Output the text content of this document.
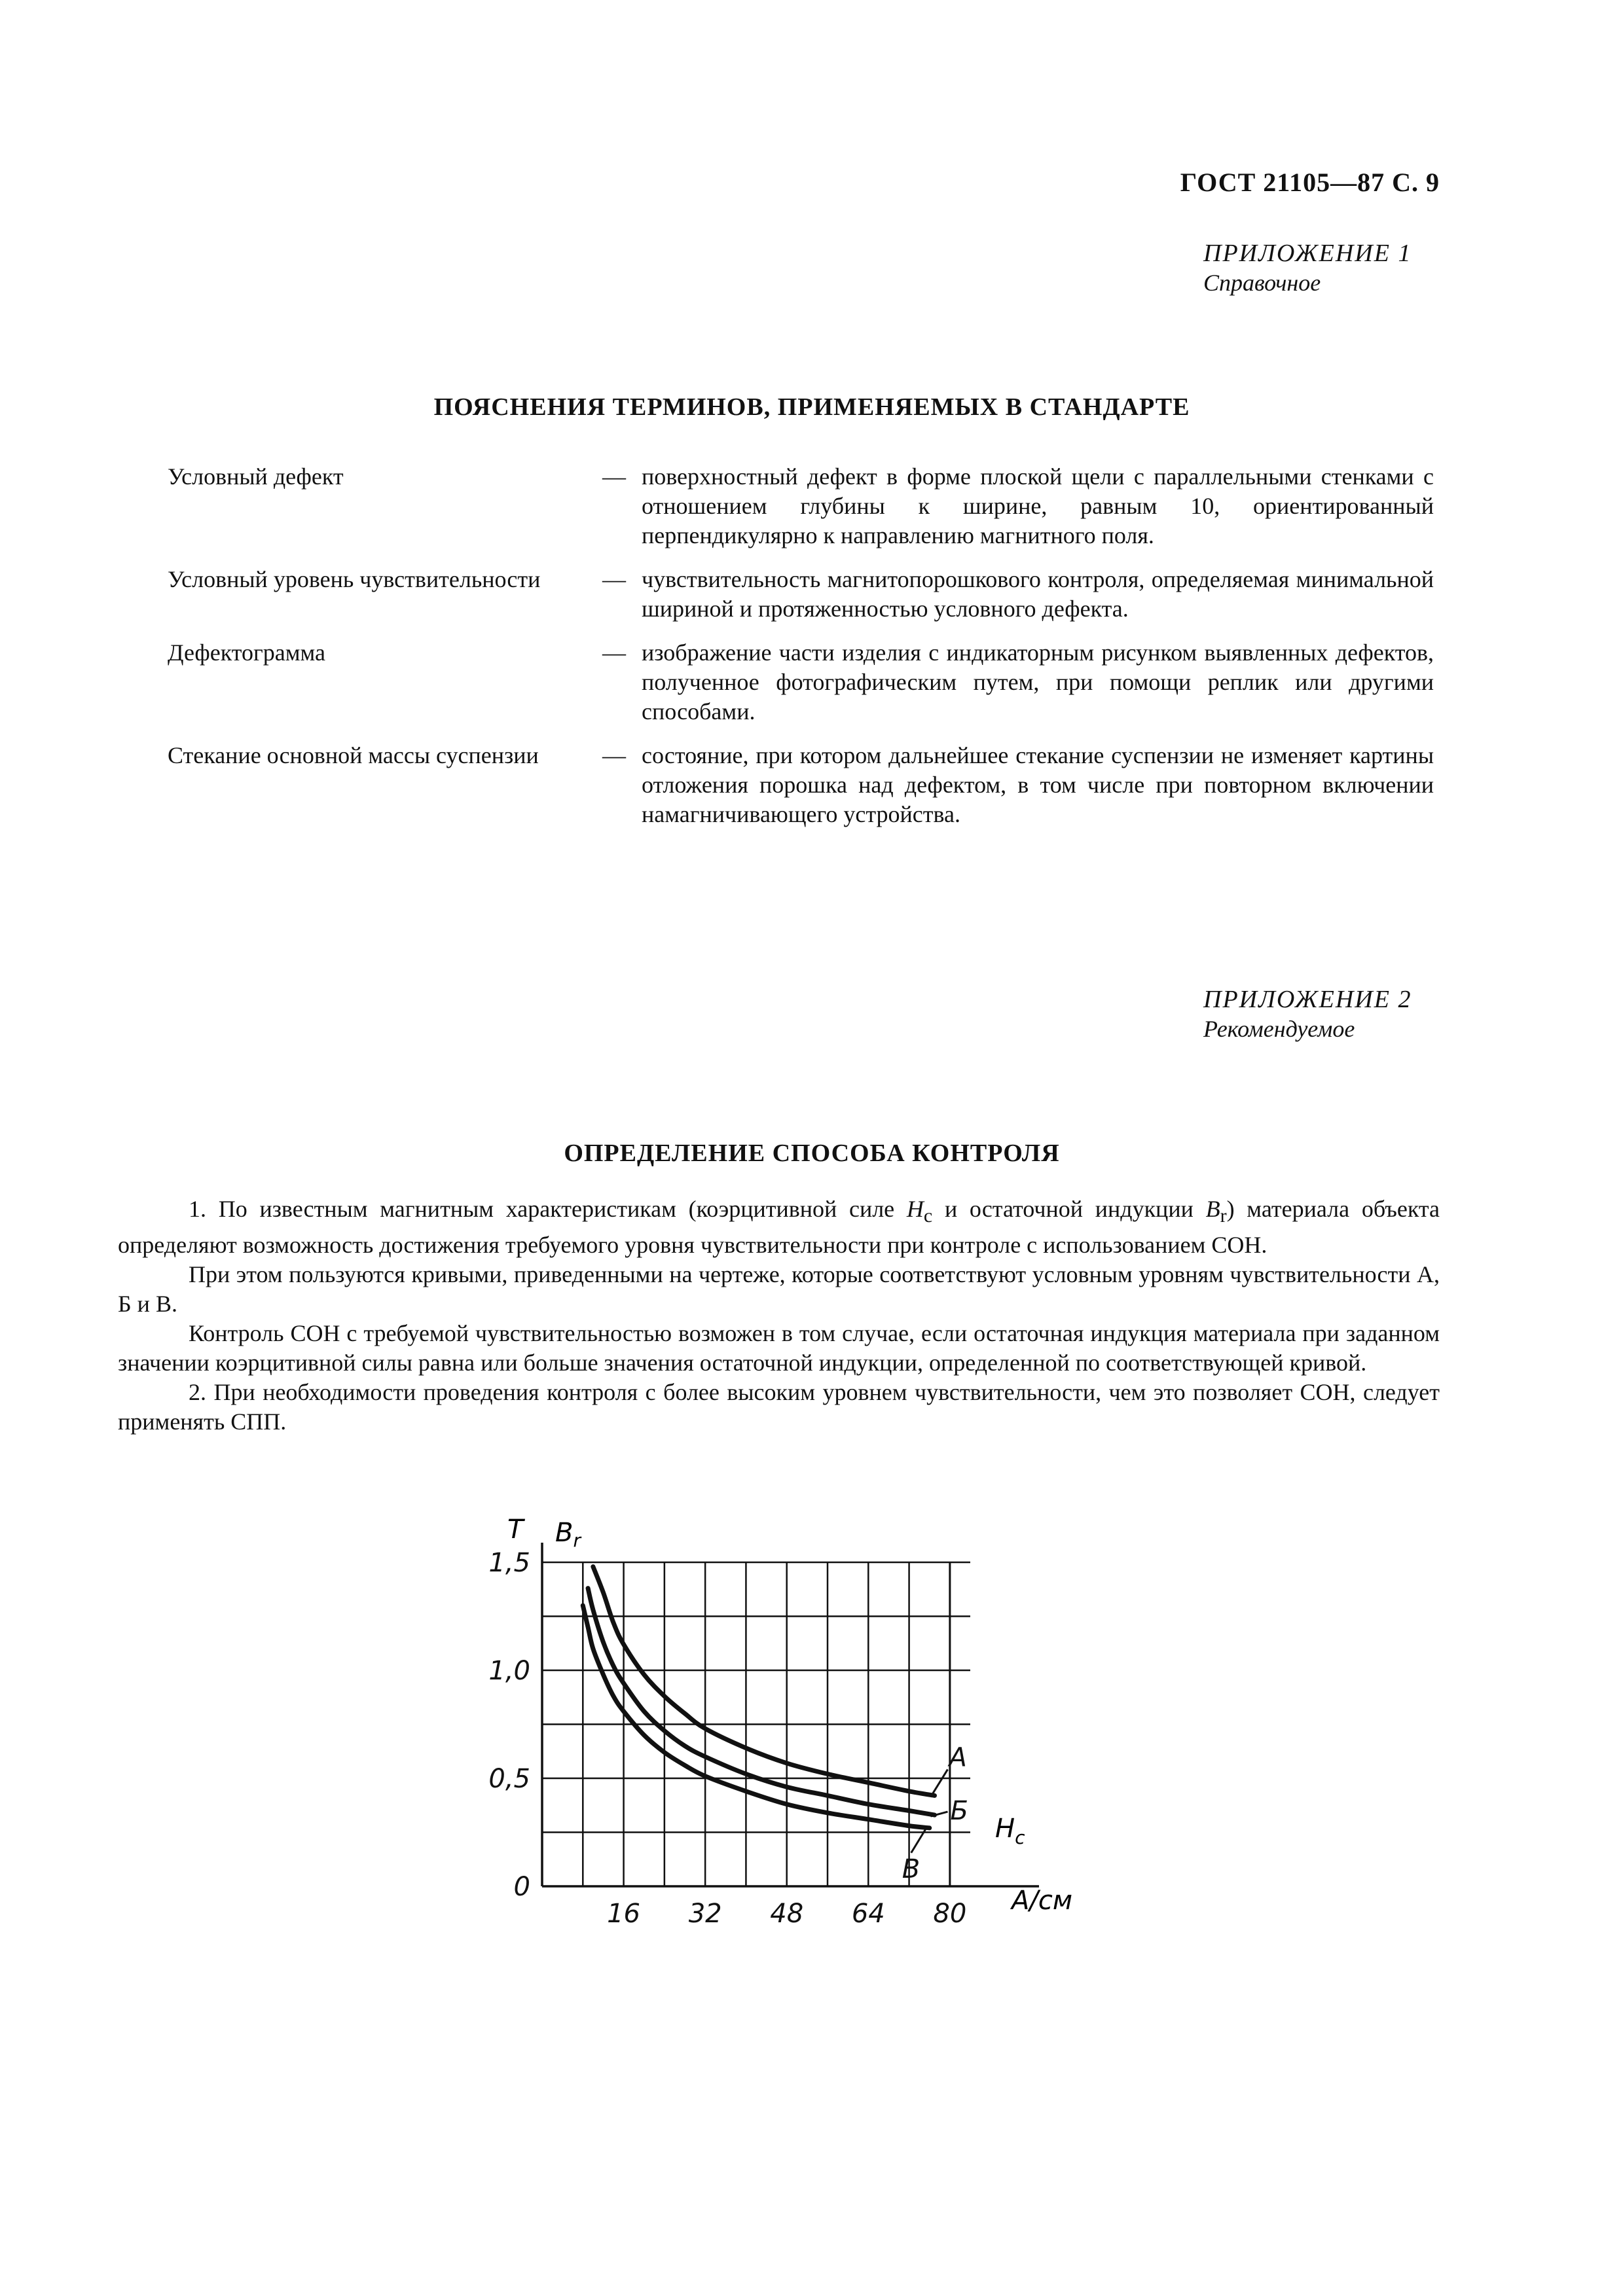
ГОСТ 21105—87 С. 9
ПРИЛОЖЕНИЕ 1
Справочное
ПОЯСНЕНИЯ ТЕРМИНОВ, ПРИМЕНЯЕМЫХ В СТАНДАРТЕ
Условный дефект	— поверхностный дефект в форме плоской щели с параллельными стенками с отношением глубины к ширине, равным 10, ориентированный перпендикулярно к направлению магнитного поля.
Условный уровень чувствительности	— чувствительность магнитопорошкового контроля, определяемая минимальной шириной и протяженностью условного дефекта.
Дефектограмма	— изображение части изделия с индикаторным рисунком выявленных дефектов, полученное фотографическим путем, при помощи реплик или другими способами.
Стекание основной массы суспензии	— состояние, при котором дальнейшее стекание суспензии не изменяет картины отложения порошка над дефектом, в том числе при повторном включении намагничивающего устройства.
ПРИЛОЖЕНИЕ 2
Рекомендуемое
ОПРЕДЕЛЕНИЕ СПОСОБА КОНТРОЛЯ

1. По известным магнитным характеристикам (коэрцитивной силе $H_c$ и остаточной индукции $B_r$) материала объекта определяют возможность достижения требуемого уровня чувствительности при контроле с использованием СОН.

При этом пользуются кривыми, приведенными на чертеже, которые соответствуют условным уровням чувствительности А, Б и В.

Контроль СОН с требуемой чувствительностью возможен в том случае, если остаточная индукция материала при заданном значении коэрцитивной силы равна или больше значения остаточной индукции, определенной по соответствующей кривой.

2. При необходимости проведения контроля с более высоким уровнем чувствительности, чем это позволяет СОН, следует применять СПП.

0
0,5
1,0
1,5
16 32 48 64 80
А
Б
В
Т $B_r$
$H_c$
А/см
